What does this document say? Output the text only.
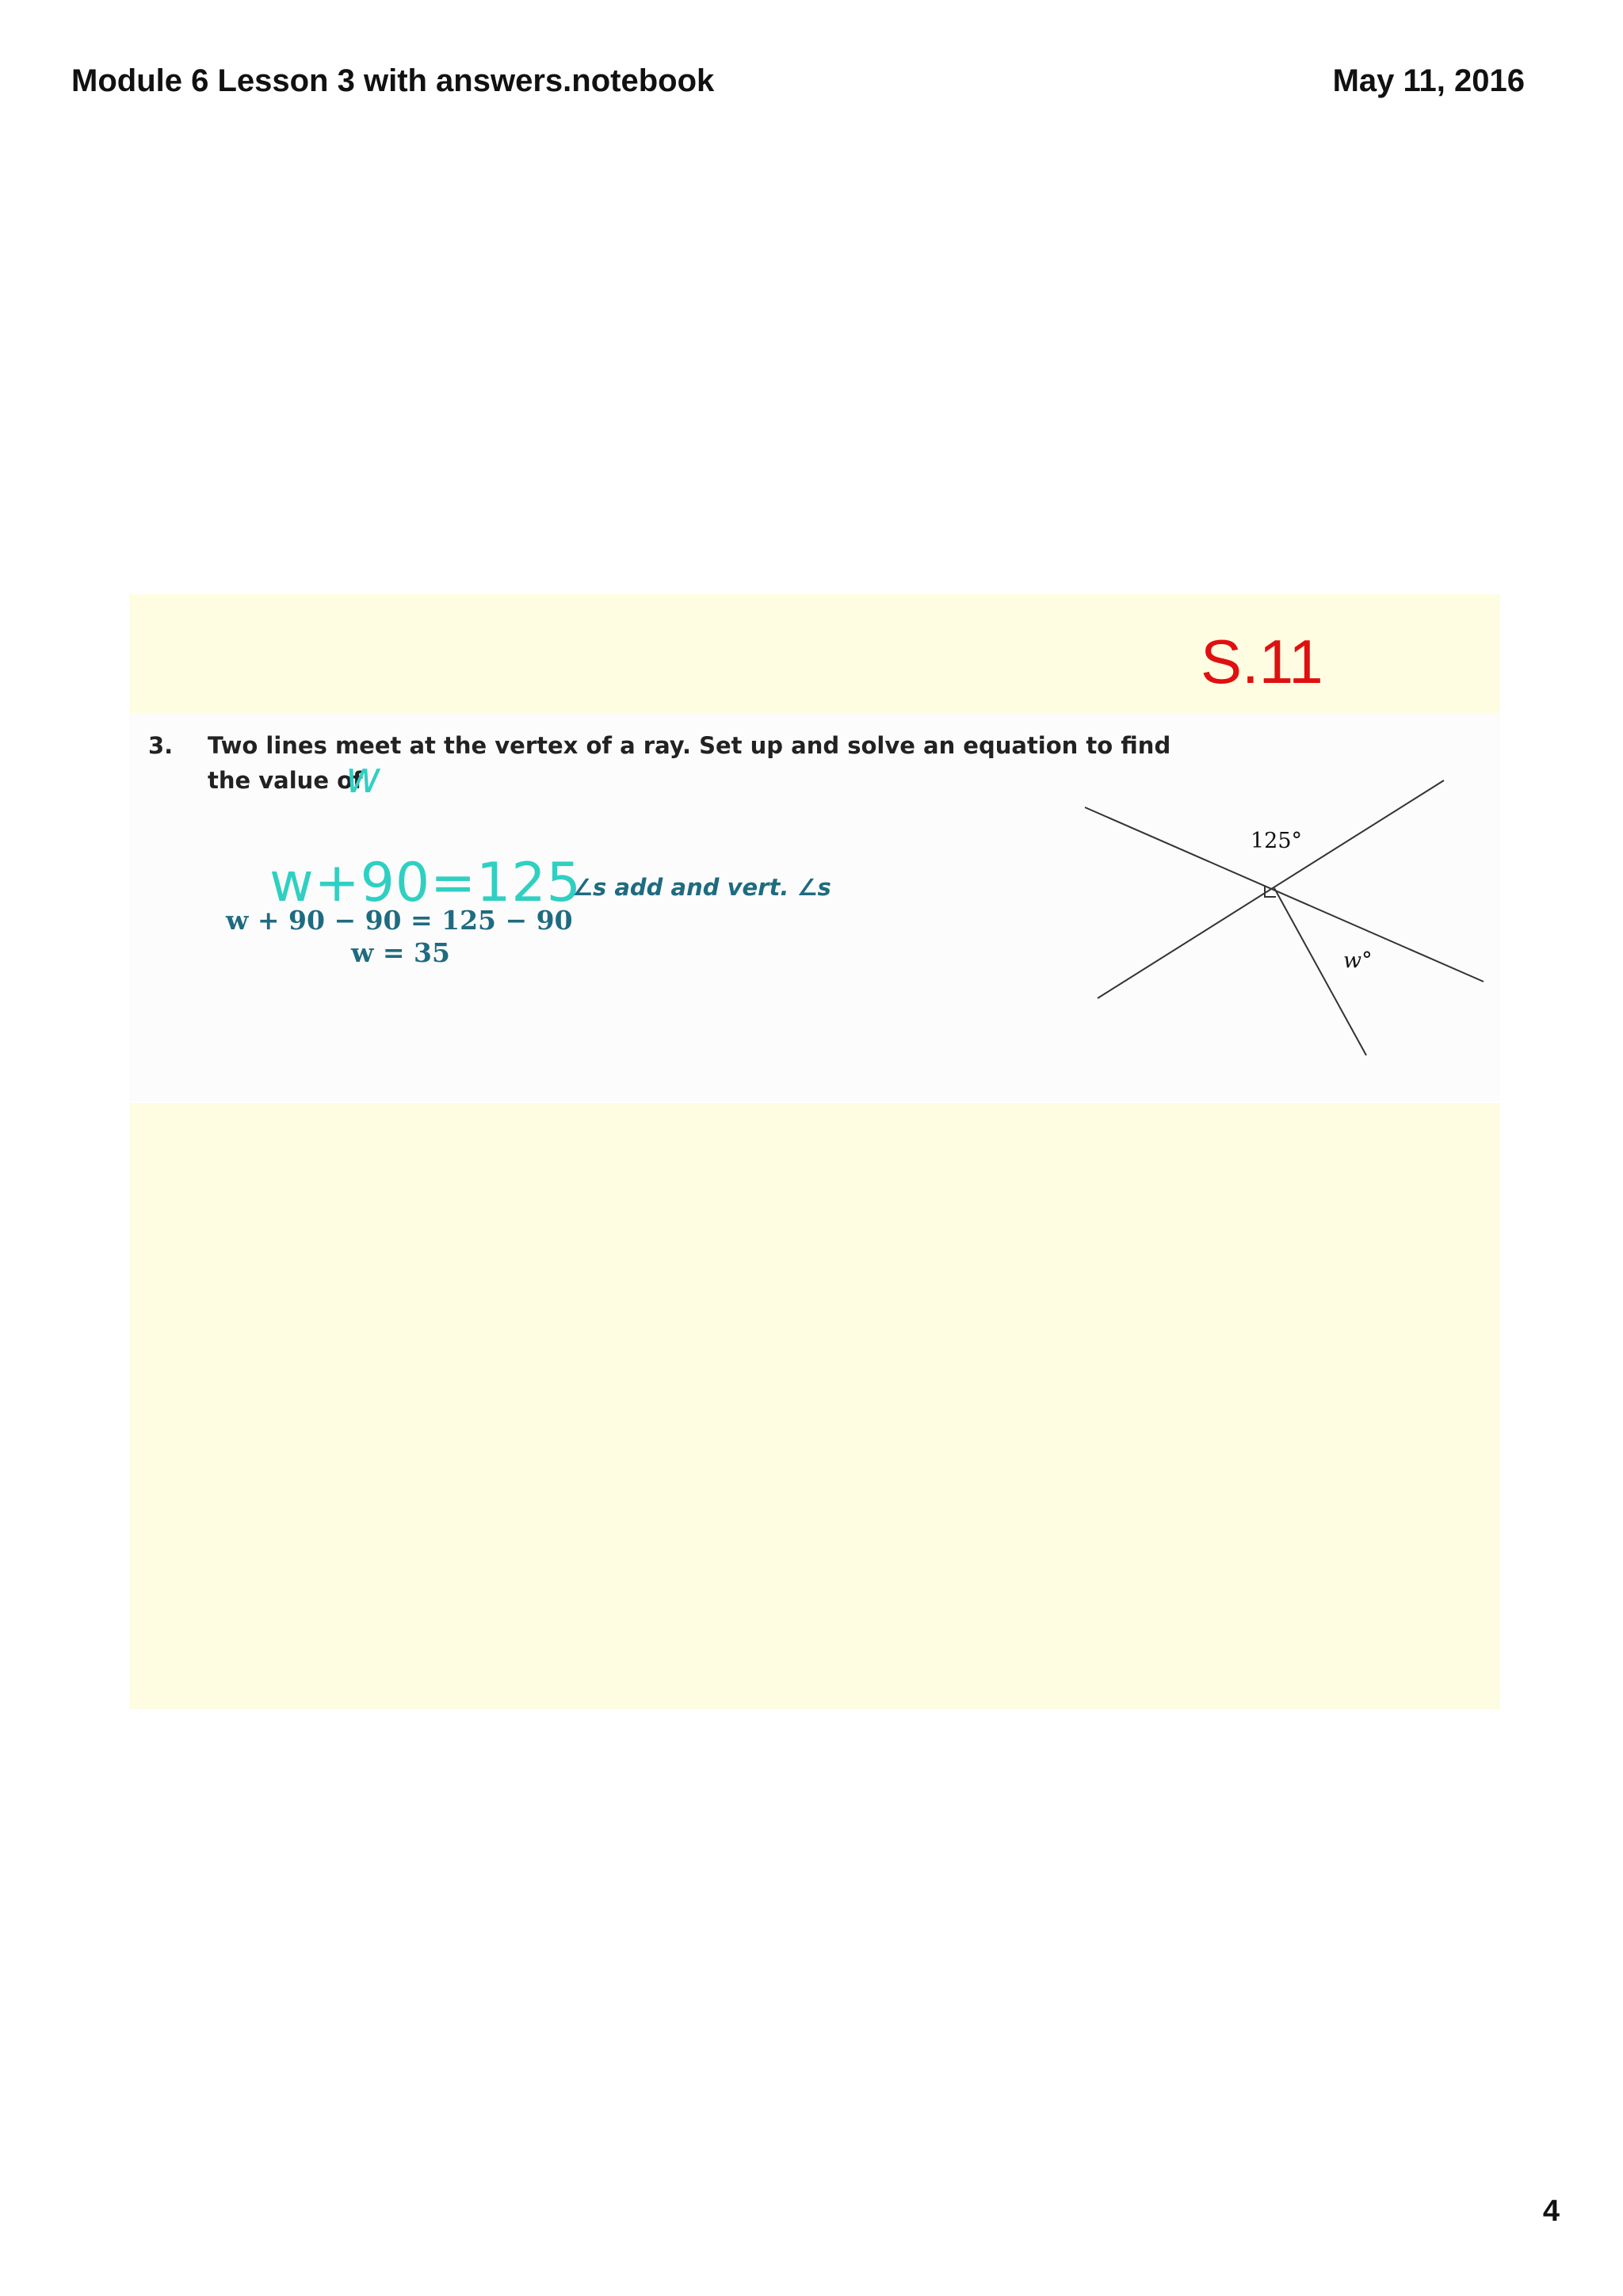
Module 6 Lesson 3 with answers.notebook	May 11, 2016
S.11
3. Two lines meet at the vertex of a ray. Set up and solve an equation to find
the value of
w
w+90=125
w + 90 − 90 = 125 − 90
w = 35
∠s add and vert. ∠s
125°
w°
4
